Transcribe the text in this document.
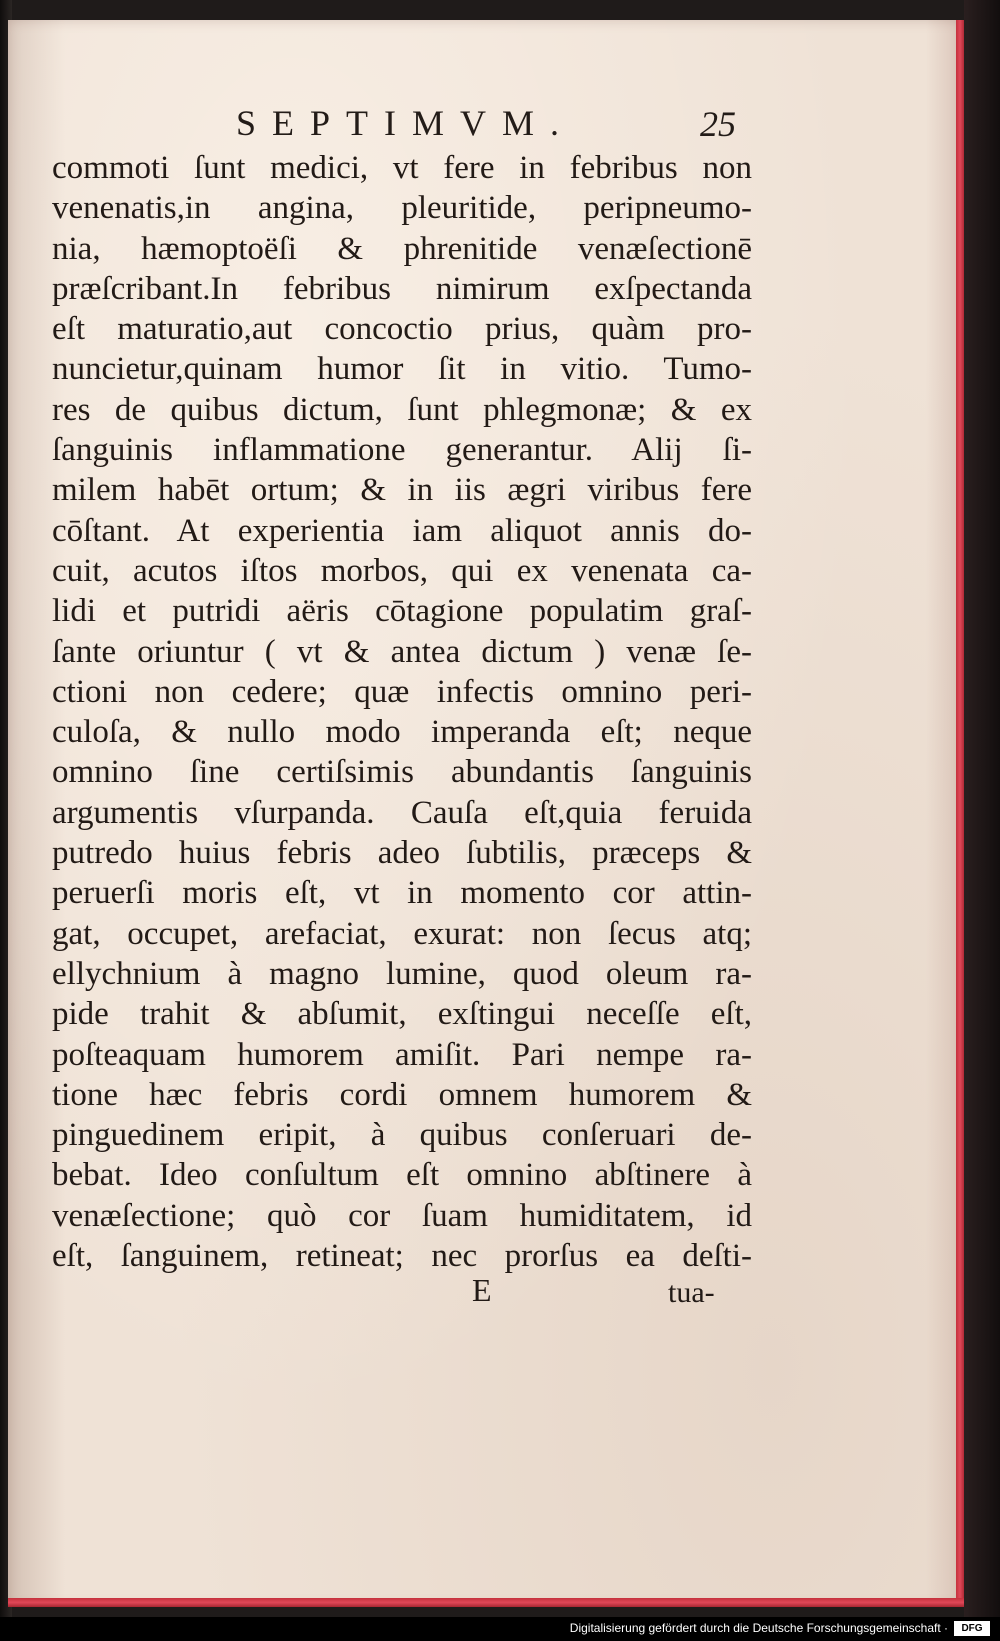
SEPTIMVM.	25
commoti ſunt medici, vt fere in febribus non
venenatis,in angina, pleuritide, peripneumo-
nia, hæmoptoëſi & phrenitide venæſectionē
præſcribant.In febribus nimirum exſpectanda
eſt maturatio,aut concoctio prius, quàm pro-
nuncietur,quinam humor ſit in vitio. Tumo-
res de quibus dictum, ſunt phlegmonæ; & ex
ſanguinis inflammatione generantur. Alij ſi-
milem habēt ortum; & in iis ægri viribus fere
cōſtant. At experientia iam aliquot annis do-
cuit, acutos iſtos morbos, qui ex venenata ca-
lidi et putridi aëris cōtagione populatim graſ-
ſante oriuntur ( vt & antea dictum ) venæ ſe-
ctioni non cedere; quæ infectis omnino peri-
culoſa, & nullo modo imperanda eſt; neque
omnino ſine certiſsimis abundantis ſanguinis
argumentis vſurpanda. Cauſa eſt,quia feruida
putredo huius febris adeo ſubtilis, præceps &
peruerſi moris eſt, vt in momento cor attin-
gat, occupet, arefaciat, exurat: non ſecus atq;
ellychnium à magno lumine, quod oleum ra-
pide trahit & abſumit, exſtingui neceſſe eſt,
poſteaquam humorem amiſit. Pari nempe ra-
tione hæc febris cordi omnem humorem &
pinguedinem eripit, à quibus conſeruari de-
bebat. Ideo conſultum eſt omnino abſtinere à
venæſectione; quò cor ſuam humiditatem, id
eſt, ſanguinem, retineat; nec prorſus ea deſti-
E	tua-
Digitalisierung gefördert durch die Deutsche Forschungsgemeinschaft ·	DFG
